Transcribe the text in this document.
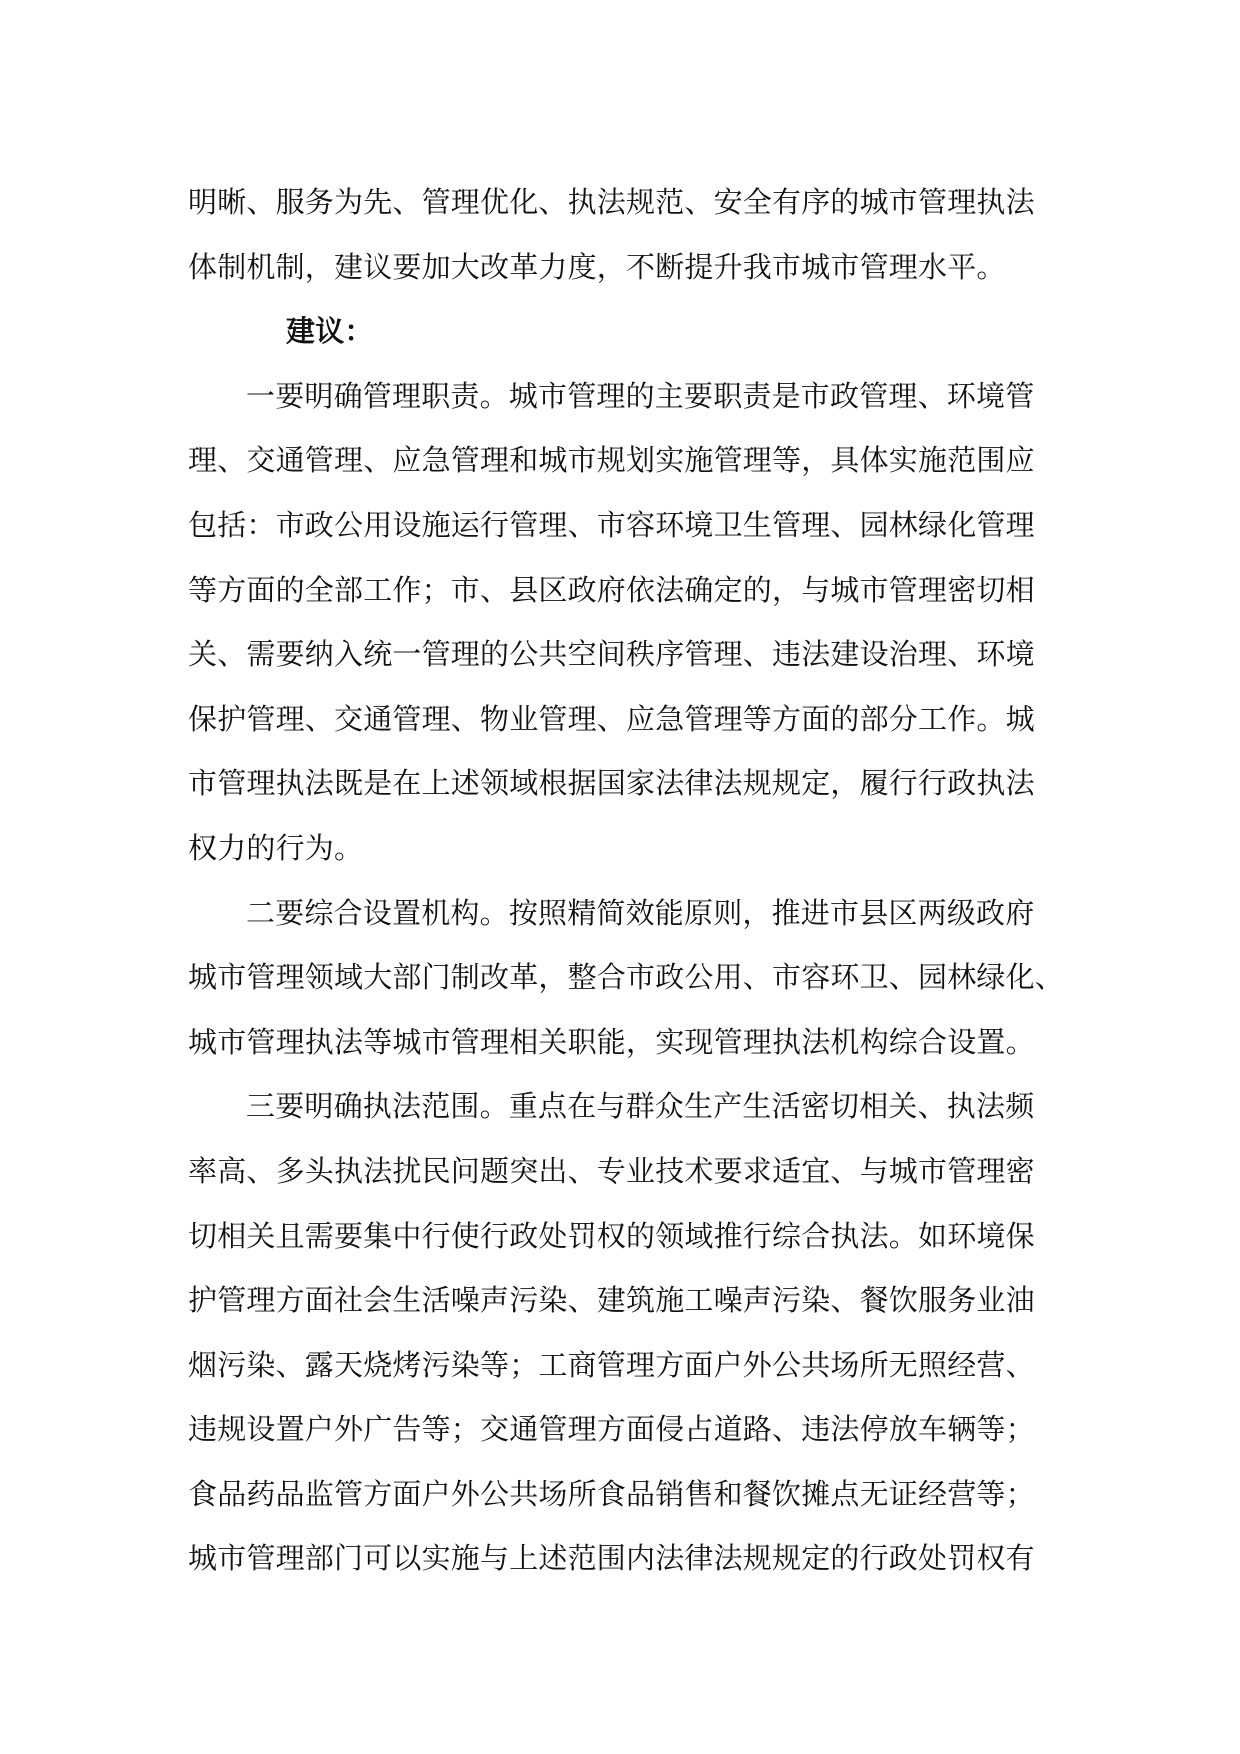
明晰、服务为先、管理优化、执法规范、安全有序的城市管理执法
体制机制，建议要加大改革力度，不断提升我市城市管理水平。
建议：
一要明确管理职责。城市管理的主要职责是市政管理、环境管
理、交通管理、应急管理和城市规划实施管理等，具体实施范围应
包括：市政公用设施运行管理、市容环境卫生管理、园林绿化管理
等方面的全部工作；市、县区政府依法确定的，与城市管理密切相
关、需要纳入统一管理的公共空间秩序管理、违法建设治理、环境
保护管理、交通管理、物业管理、应急管理等方面的部分工作。城
市管理执法既是在上述领域根据国家法律法规规定，履行行政执法
权力的行为。
二要综合设置机构。按照精简效能原则，推进市县区两级政府
城市管理领域大部门制改革，整合市政公用、市容环卫、园林绿化、
城市管理执法等城市管理相关职能，实现管理执法机构综合设置。
三要明确执法范围。重点在与群众生产生活密切相关、执法频
率高、多头执法扰民问题突出、专业技术要求适宜、与城市管理密
切相关且需要集中行使行政处罚权的领域推行综合执法。如环境保
护管理方面社会生活噪声污染、建筑施工噪声污染、餐饮服务业油
烟污染、露天烧烤污染等；工商管理方面户外公共场所无照经营、
违规设置户外广告等；交通管理方面侵占道路、违法停放车辆等；
食品药品监管方面户外公共场所食品销售和餐饮摊点无证经营等；
城市管理部门可以实施与上述范围内法律法规规定的行政处罚权有
